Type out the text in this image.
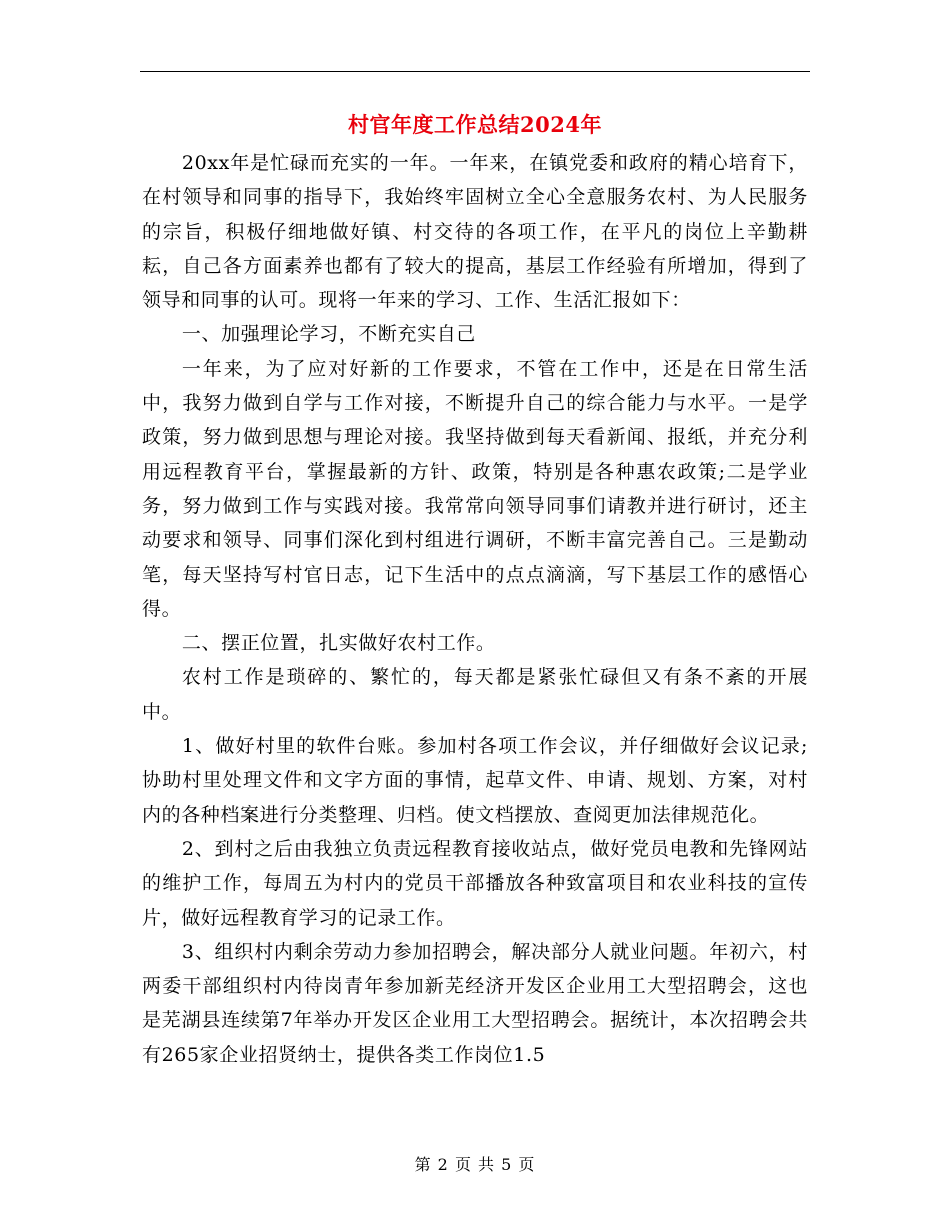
村官年度工作总结2024年

20xx年是忙碌而充实的一年。一年来，在镇党委和政府的精心培育下，在村领导和同事的指导下，我始终牢固树立全心全意服务农村、为人民服务的宗旨，积极仔细地做好镇、村交待的各项工作，在平凡的岗位上辛勤耕耘，自己各方面素养也都有了较大的提高，基层工作经验有所增加，得到了领导和同事的认可。现将一年来的学习、工作、生活汇报如下：

一、加强理论学习，不断充实自己

一年来，为了应对好新的工作要求，不管在工作中，还是在日常生活中，我努力做到自学与工作对接，不断提升自己的综合能力与水平。一是学政策，努力做到思想与理论对接。我坚持做到每天看新闻、报纸，并充分利用远程教育平台，掌握最新的方针、政策，特别是各种惠农政策;二是学业务，努力做到工作与实践对接。我常常向领导同事们请教并进行研讨，还主动要求和领导、同事们深化到村组进行调研，不断丰富完善自己。三是勤动笔，每天坚持写村官日志，记下生活中的点点滴滴，写下基层工作的感悟心得。

二、摆正位置，扎实做好农村工作。

农村工作是琐碎的、繁忙的，每天都是紧张忙碌但又有条不紊的开展中。

1、做好村里的软件台账。参加村各项工作会议，并仔细做好会议记录;协助村里处理文件和文字方面的事情，起草文件、申请、规划、方案，对村内的各种档案进行分类整理、归档。使文档摆放、查阅更加法律规范化。

2、到村之后由我独立负责远程教育接收站点，做好党员电教和先锋网站的维护工作，每周五为村内的党员干部播放各种致富项目和农业科技的宣传片，做好远程教育学习的记录工作。

3、组织村内剩余劳动力参加招聘会，解决部分人就业问题。年初六，村两委干部组织村内待岗青年参加新芜经济开发区企业用工大型招聘会，这也是芜湖县连续第7年举办开发区企业用工大型招聘会。据统计，本次招聘会共有265家企业招贤纳士，提供各类工作岗位1.5

第 2 页 共 5 页
